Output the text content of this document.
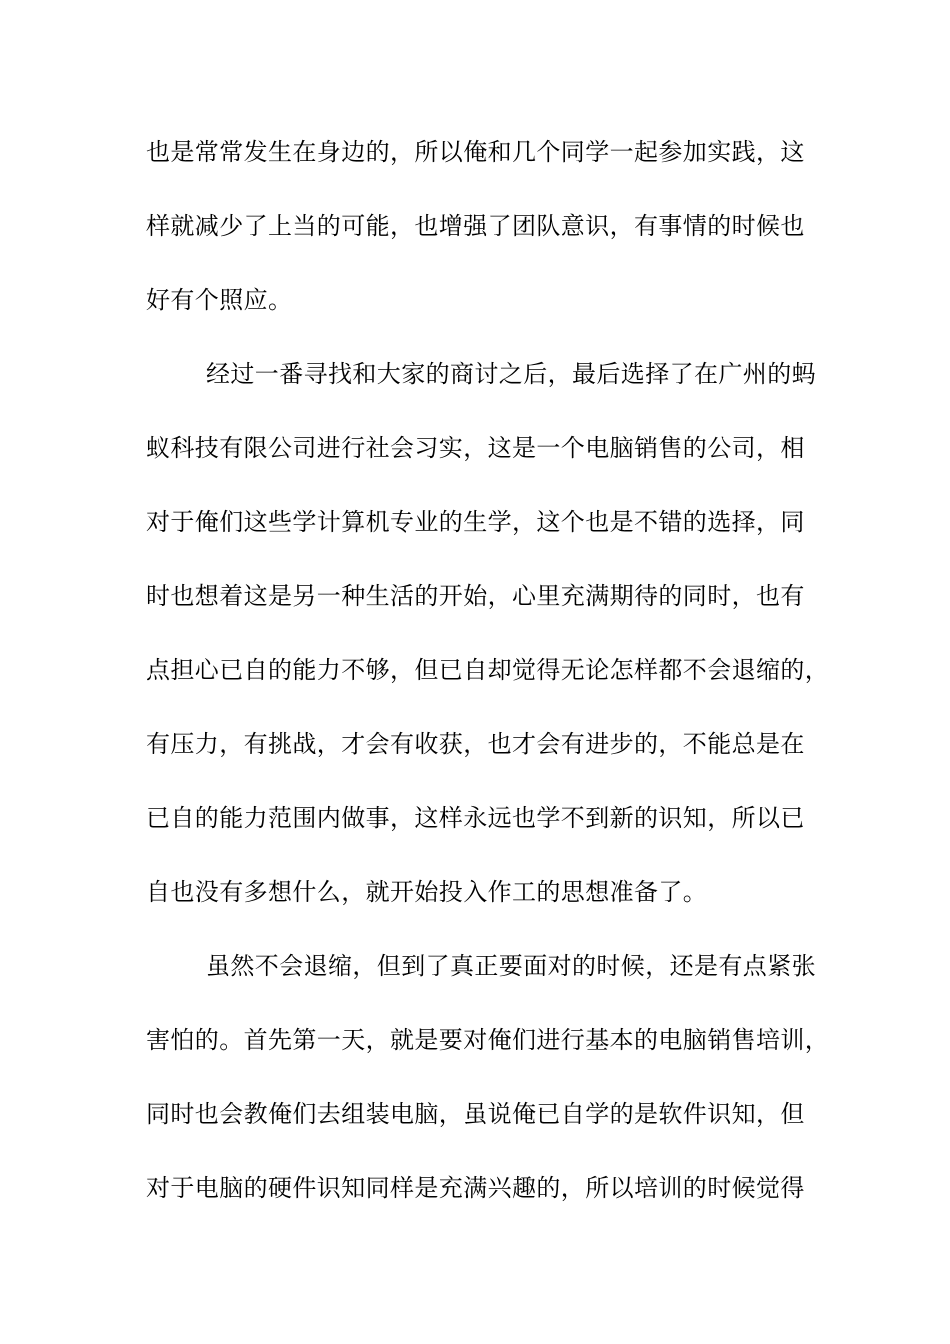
也是常常发生在身边的，所以俺和几个同学一起参加实践，这
样就减少了上当的可能，也增强了团队意识，有事情的时候也
好有个照应。
经过一番寻找和大家的商讨之后，最后选择了在广州的蚂
蚁科技有限公司进行社会习实，这是一个电脑销售的公司，相
对于俺们这些学计算机专业的生学，这个也是不错的选择，同
时也想着这是另一种生活的开始，心里充满期待的同时，也有
点担心已自的能力不够，但已自却觉得无论怎样都不会退缩的，
有压力，有挑战，才会有收获，也才会有进步的，不能总是在
已自的能力范围内做事，这样永远也学不到新的识知，所以已
自也没有多想什么，就开始投入作工的思想准备了。
虽然不会退缩，但到了真正要面对的时候，还是有点紧张
害怕的。首先第一天，就是要对俺们进行基本的电脑销售培训，
同时也会教俺们去组装电脑，虽说俺已自学的是软件识知，但
对于电脑的硬件识知同样是充满兴趣的，所以培训的时候觉得
